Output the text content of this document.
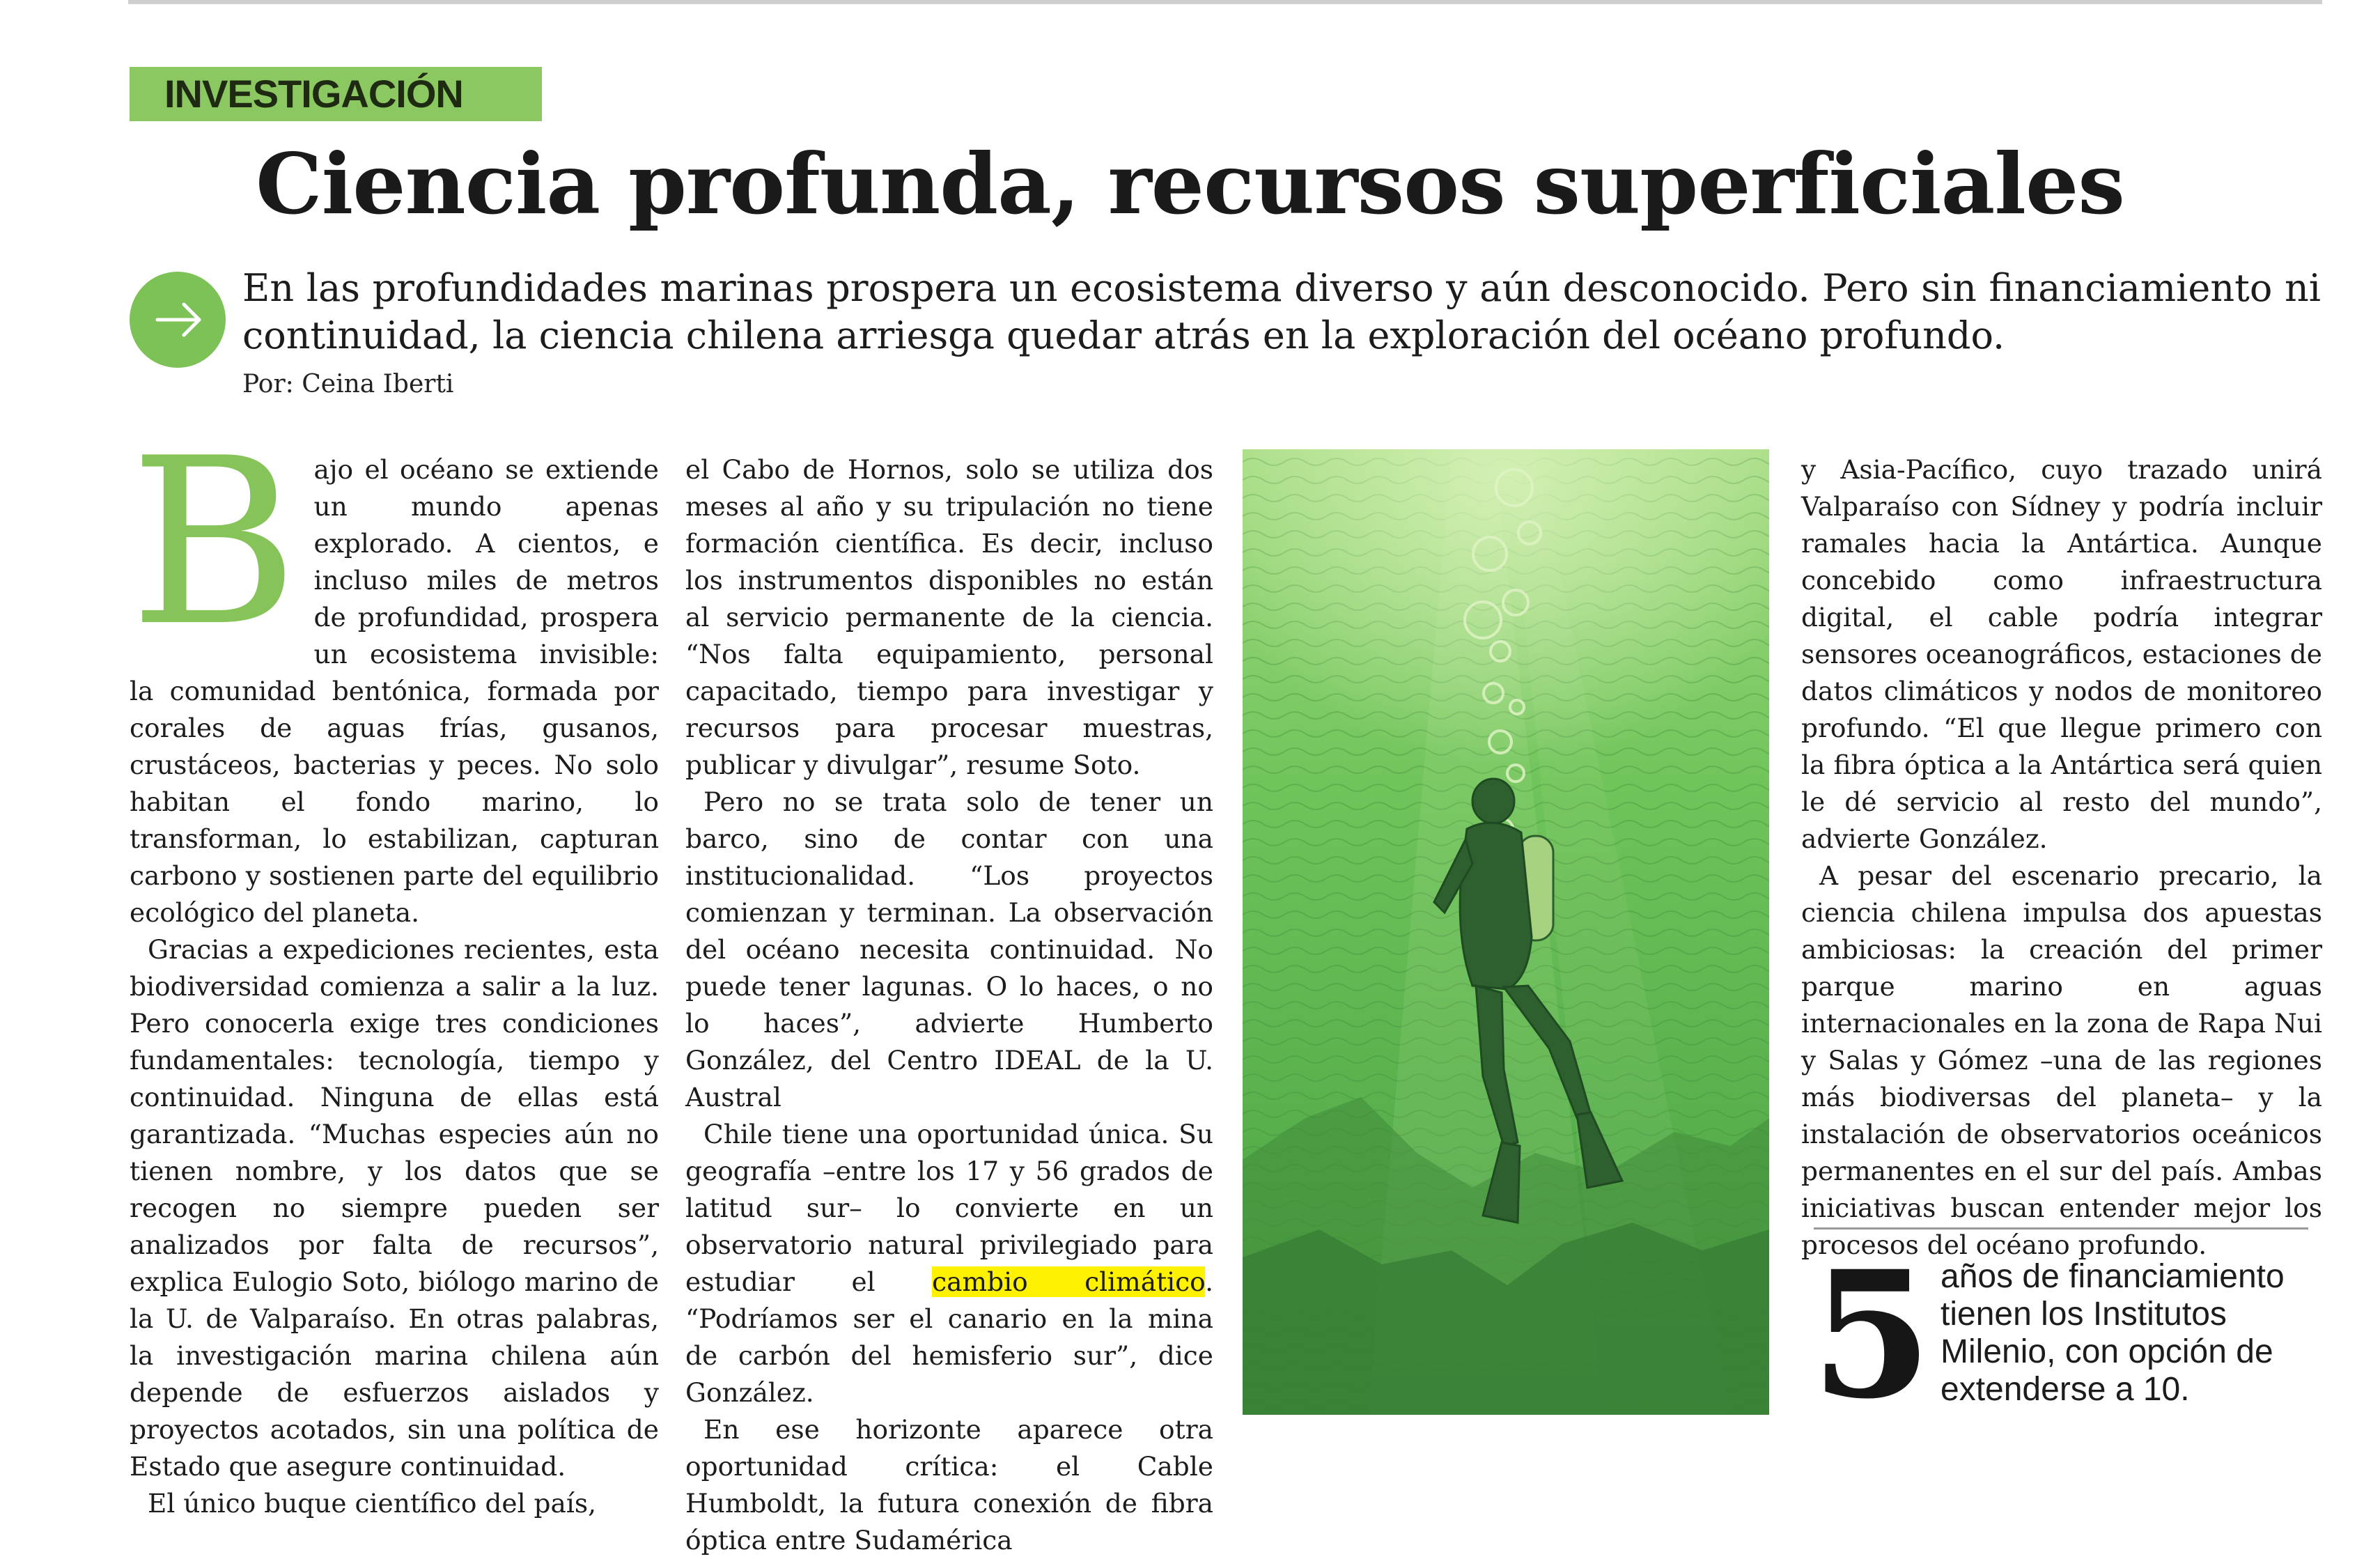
INVESTIGACIÓN
Ciencia profunda, recursos superficiales

En las profundidades marinas prospera un ecosistema diverso y aún desconocido. Pero sin financiamiento ni continuidad, la ciencia chilena arriesga quedar atrás en la exploración del océano profundo.

Por: Ceina Iberti

Bajo el océano se extiende un mundo apenas explorado. A cientos, e incluso miles de metros de profundidad, prospera un ecosistema invisible: la comunidad bentónica, formada por corales de aguas frías, gusanos, crustáceos, bacterias y peces. No solo habitan el fondo marino, lo transforman, lo estabilizan, capturan carbono y sostienen parte del equilibrio ecológico del planeta.

Gracias a expediciones recientes, esta biodiversidad comienza a salir a la luz. Pero conocerla exige tres condiciones fundamentales: tecnología, tiempo y continuidad. Ninguna de ellas está garantizada. “Muchas especies aún no tienen nombre, y los datos que se recogen no siempre pueden ser analizados por falta de recursos”, explica Eulogio Soto, biólogo marino de la U. de Valparaíso. En otras palabras, la investigación marina chilena aún depende de esfuerzos aislados y proyectos acotados, sin una política de Estado que asegure continuidad.

El único buque científico del país,

el Cabo de Hornos, solo se utiliza dos meses al año y su tripulación no tiene formación científica. Es decir, incluso los instrumentos disponibles no están al servicio permanente de la ciencia. “Nos falta equipamiento, personal capacitado, tiempo para investigar y recursos para procesar muestras, publicar y divulgar”, resume Soto.

Pero no se trata solo de tener un barco, sino de contar con una institucionalidad. “Los proyectos comienzan y terminan. La observación del océano necesita continuidad. No puede tener lagunas. O lo haces, o no lo haces”, advierte Humberto González, del Centro IDEAL de la U. Austral

Chile tiene una oportunidad única. Su geografía –entre los 17 y 56 grados de latitud sur– lo convierte en un observatorio natural privilegiado para estudiar el cambio climático. “Podríamos ser el canario en la mina de carbón del hemisferio sur”, dice González.

En ese horizonte aparece otra oportunidad crítica: el Cable Humboldt, la futura conexión de fibra óptica entre Sudamérica

y Asia-Pacífico, cuyo trazado unirá Valparaíso con Sídney y podría incluir ramales hacia la Antártica. Aunque concebido como infraestructura digital, el cable podría integrar sensores oceanográficos, estaciones de datos climáticos y nodos de monitoreo profundo. “El que llegue primero con la fibra óptica a la Antártica será quien le dé servicio al resto del mundo”, advierte González.

A pesar del escenario precario, la ciencia chilena impulsa dos apuestas ambiciosas: la creación del primer parque marino en aguas internacionales en la zona de Rapa Nui y Salas y Gómez –una de las regiones más biodiversas del planeta– y la instalación de observatorios oceánicos permanentes en el sur del país. Ambas iniciativas buscan entender mejor los procesos del océano profundo.

5 años de financiamiento tienen los Institutos Milenio, con opción de extenderse a 10.
